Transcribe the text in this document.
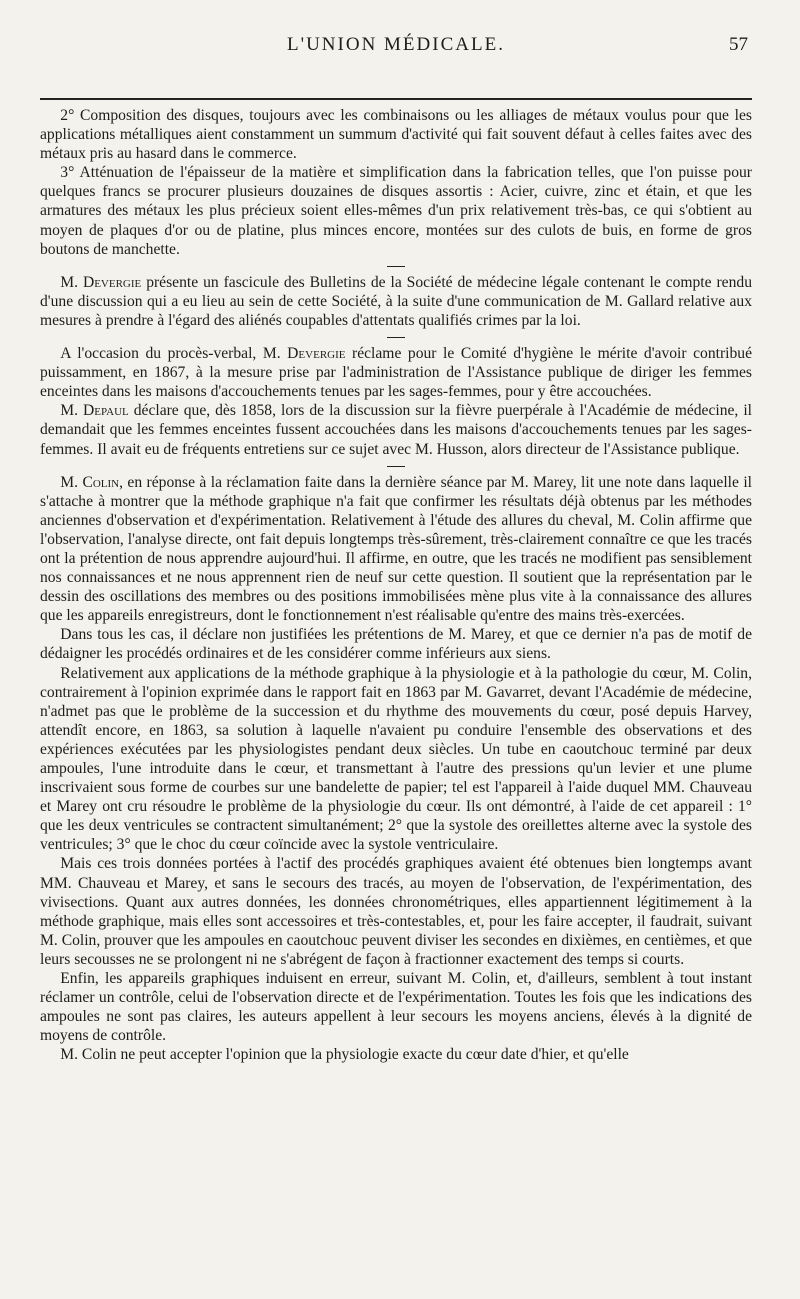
L'UNION MÉDICALE.	57

2° Composition des disques, toujours avec les combinaisons ou les alliages de métaux voulus pour que les applications métalliques aient constamment un summum d'activité qui fait souvent défaut à celles faites avec des métaux pris au hasard dans le commerce.

3° Atténuation de l'épaisseur de la matière et simplification dans la fabrication telles, que l'on puisse pour quelques francs se procurer plusieurs douzaines de disques assortis : Acier, cuivre, zinc et étain, et que les armatures des métaux les plus précieux soient elles-mêmes d'un prix relativement très-bas, ce qui s'obtient au moyen de plaques d'or ou de platine, plus minces encore, montées sur des culots de buis, en forme de gros boutons de manchette.

M. Devergie présente un fascicule des Bulletins de la Société de médecine légale contenant le compte rendu d'une discussion qui a eu lieu au sein de cette Société, à la suite d'une communication de M. Gallard relative aux mesures à prendre à l'égard des aliénés coupables d'attentats qualifiés crimes par la loi.

A l'occasion du procès-verbal, M. Devergie réclame pour le Comité d'hygiène le mérite d'avoir contribué puissamment, en 1867, à la mesure prise par l'administration de l'Assistance publique de diriger les femmes enceintes dans les maisons d'accouchements tenues par les sages-femmes, pour y être accouchées.

M. Depaul déclare que, dès 1858, lors de la discussion sur la fièvre puerpérale à l'Académie de médecine, il demandait que les femmes enceintes fussent accouchées dans les maisons d'accouchements tenues par les sages-femmes. Il avait eu de fréquents entretiens sur ce sujet avec M. Husson, alors directeur de l'Assistance publique.

M. Colin, en réponse à la réclamation faite dans la dernière séance par M. Marey, lit une note dans laquelle il s'attache à montrer que la méthode graphique n'a fait que confirmer les résultats déjà obtenus par les méthodes anciennes d'observation et d'expérimentation. Relativement à l'étude des allures du cheval, M. Colin affirme que l'observation, l'analyse directe, ont fait depuis longtemps très-sûrement, très-clairement connaître ce que les tracés ont la prétention de nous apprendre aujourd'hui. Il affirme, en outre, que les tracés ne modifient pas sensiblement nos connaissances et ne nous apprennent rien de neuf sur cette question. Il soutient que la représentation par le dessin des oscillations des membres ou des positions immobilisées mène plus vite à la connaissance des allures que les appareils enregistreurs, dont le fonctionnement n'est réalisable qu'entre des mains très-exercées.

Dans tous les cas, il déclare non justifiées les prétentions de M. Marey, et que ce dernier n'a pas de motif de dédaigner les procédés ordinaires et de les considérer comme inférieurs aux siens.

Relativement aux applications de la méthode graphique à la physiologie et à la pathologie du cœur, M. Colin, contrairement à l'opinion exprimée dans le rapport fait en 1863 par M. Gavarret, devant l'Académie de médecine, n'admet pas que le problème de la succession et du rhythme des mouvements du cœur, posé depuis Harvey, attendît encore, en 1863, sa solution à laquelle n'avaient pu conduire l'ensemble des observations et des expériences exécutées par les physiologistes pendant deux siècles. Un tube en caoutchouc terminé par deux ampoules, l'une introduite dans le cœur, et transmettant à l'autre des pressions qu'un levier et une plume inscrivaient sous forme de courbes sur une bandelette de papier; tel est l'appareil à l'aide duquel MM. Chauveau et Marey ont cru résoudre le problème de la physiologie du cœur. Ils ont démontré, à l'aide de cet appareil : 1° que les deux ventricules se contractent simultanément; 2° que la systole des oreillettes alterne avec la systole des ventricules; 3° que le choc du cœur coïncide avec la systole ventriculaire.

Mais ces trois données portées à l'actif des procédés graphiques avaient été obtenues bien longtemps avant MM. Chauveau et Marey, et sans le secours des tracés, au moyen de l'observation, de l'expérimentation, des vivisections. Quant aux autres données, les données chronométriques, elles appartiennent légitimement à la méthode graphique, mais elles sont accessoires et très-contestables, et, pour les faire accepter, il faudrait, suivant M. Colin, prouver que les ampoules en caoutchouc peuvent diviser les secondes en dixièmes, en centièmes, et que leurs secousses ne se prolongent ni ne s'abrégent de façon à fractionner exactement des temps si courts.

Enfin, les appareils graphiques induisent en erreur, suivant M. Colin, et, d'ailleurs, semblent à tout instant réclamer un contrôle, celui de l'observation directe et de l'expérimentation. Toutes les fois que les indications des ampoules ne sont pas claires, les auteurs appellent à leur secours les moyens anciens, élevés à la dignité de moyens de contrôle.

M. Colin ne peut accepter l'opinion que la physiologie exacte du cœur date d'hier, et qu'elle
